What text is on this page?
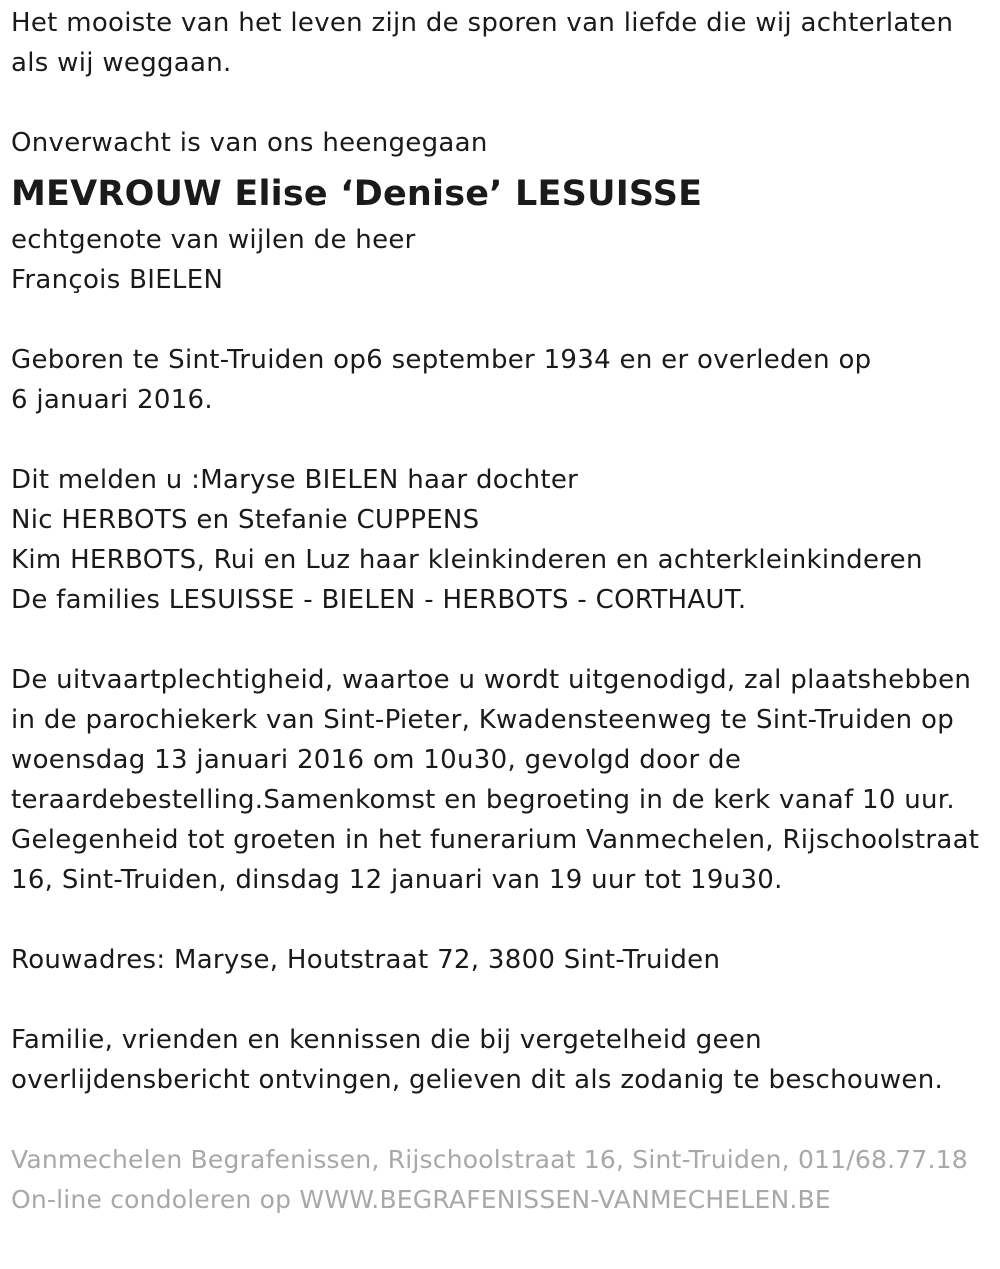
Het mooiste van het leven zijn de sporen van liefde die wij achterlaten
als wij weggaan.
Onverwacht is van ons heengegaan
MEVROUW Elise ‘Denise’ LESUISSE
echtgenote van wijlen de heer
François BIELEN
Geboren te Sint-Truiden op6 september 1934 en er overleden op
6 januari 2016.
Dit melden u :Maryse BIELEN haar dochter
Nic HERBOTS en Stefanie CUPPENS
Kim HERBOTS, Rui en Luz haar kleinkinderen en achterkleinkinderen
De families LESUISSE - BIELEN - HERBOTS - CORTHAUT.
De uitvaartplechtigheid, waartoe u wordt uitgenodigd, zal plaatshebben
in de parochiekerk van Sint-Pieter, Kwadensteenweg te Sint-Truiden op
woensdag 13 januari 2016 om 10u30, gevolgd door de
teraardebestelling.Samenkomst en begroeting in de kerk vanaf 10 uur.
Gelegenheid tot groeten in het funerarium Vanmechelen, Rijschoolstraat
16, Sint-Truiden, dinsdag 12 januari van 19 uur tot 19u30.
Rouwadres: Maryse, Houtstraat 72, 3800 Sint-Truiden
Familie, vrienden en kennissen die bij vergetelheid geen
overlijdensbericht ontvingen, gelieven dit als zodanig te beschouwen.
Vanmechelen Begrafenissen, Rijschoolstraat 16, Sint-Truiden, 011/68.77.18
On-line condoleren op WWW.BEGRAFENISSEN-VANMECHELEN.BE
